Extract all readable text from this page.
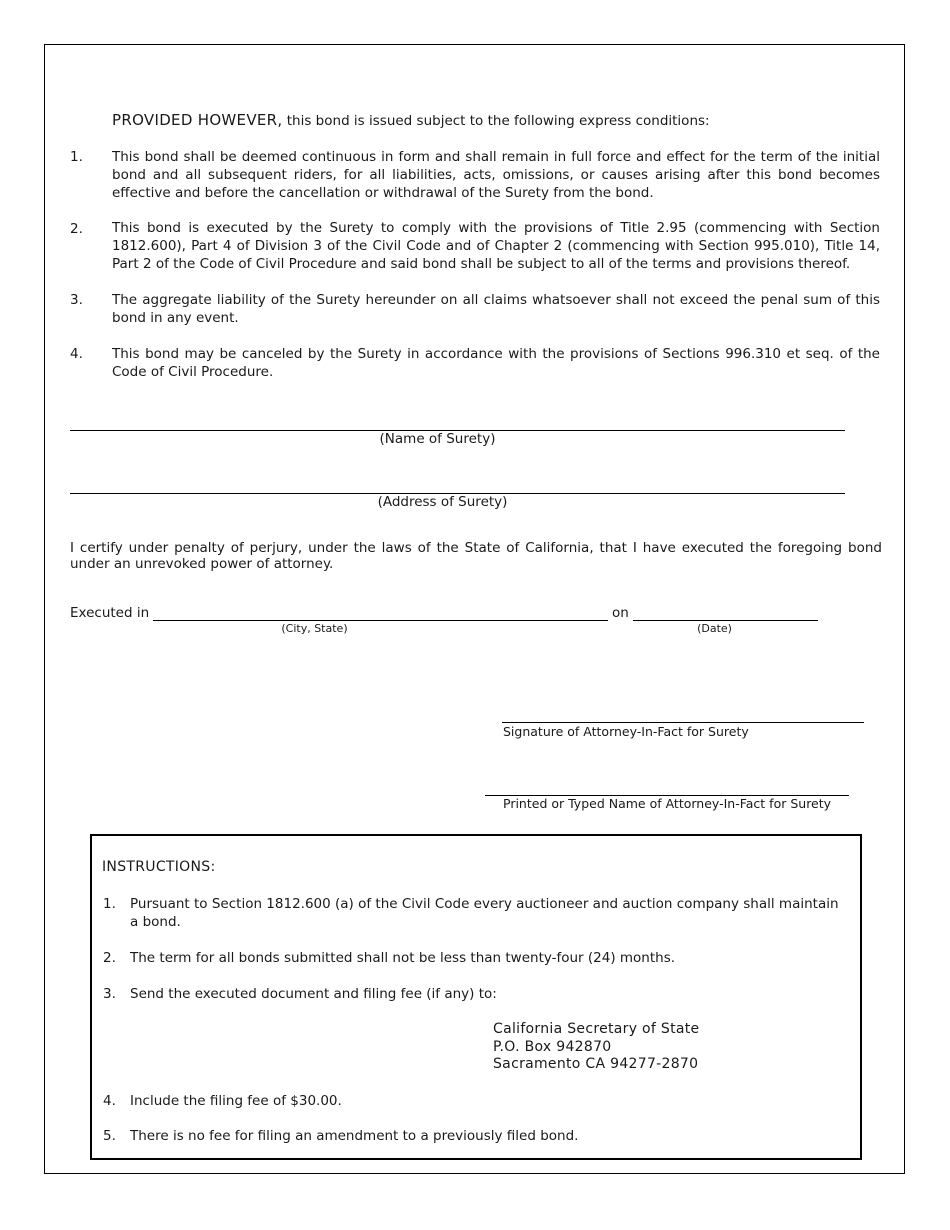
PROVIDED HOWEVER, this bond is issued subject to the following express conditions:
1. This bond shall be deemed continuous in form and shall remain in full force and effect for the term of the initial bond and all subsequent riders, for all liabilities, acts, omissions, or causes arising after this bond becomes effective and before the cancellation or withdrawal of the Surety from the bond.
2. This bond is executed by the Surety to comply with the provisions of Title 2.95 (commencing with Section 1812.600), Part 4 of Division 3 of the Civil Code and of Chapter 2 (commencing with Section 995.010), Title 14, Part 2 of the Code of Civil Procedure and said bond shall be subject to all of the terms and provisions thereof.
3. The aggregate liability of the Surety hereunder on all claims whatsoever shall not exceed the penal sum of this bond in any event.
4. This bond may be canceled by the Surety in accordance with the provisions of Sections 996.310 et seq. of the Code of Civil Procedure.
(Name of Surety)
(Address of Surety)
I certify under penalty of perjury, under the laws of the State of California, that I have executed the foregoing bond under an unrevoked power of attorney.
Executed in
(City, State)
on
(Date)
Signature of Attorney-In-Fact for Surety
Printed or Typed Name of Attorney-In-Fact for Surety
INSTRUCTIONS:
1. Pursuant to Section 1812.600 (a) of the Civil Code every auctioneer and auction company shall maintain a bond.
2. The term for all bonds submitted shall not be less than twenty-four (24) months.
3. Send the executed document and filing fee (if any) to:
California Secretary of State
P.O. Box 942870
Sacramento CA 94277-2870
4. Include the filing fee of $30.00.
5. There is no fee for filing an amendment to a previously filed bond.
